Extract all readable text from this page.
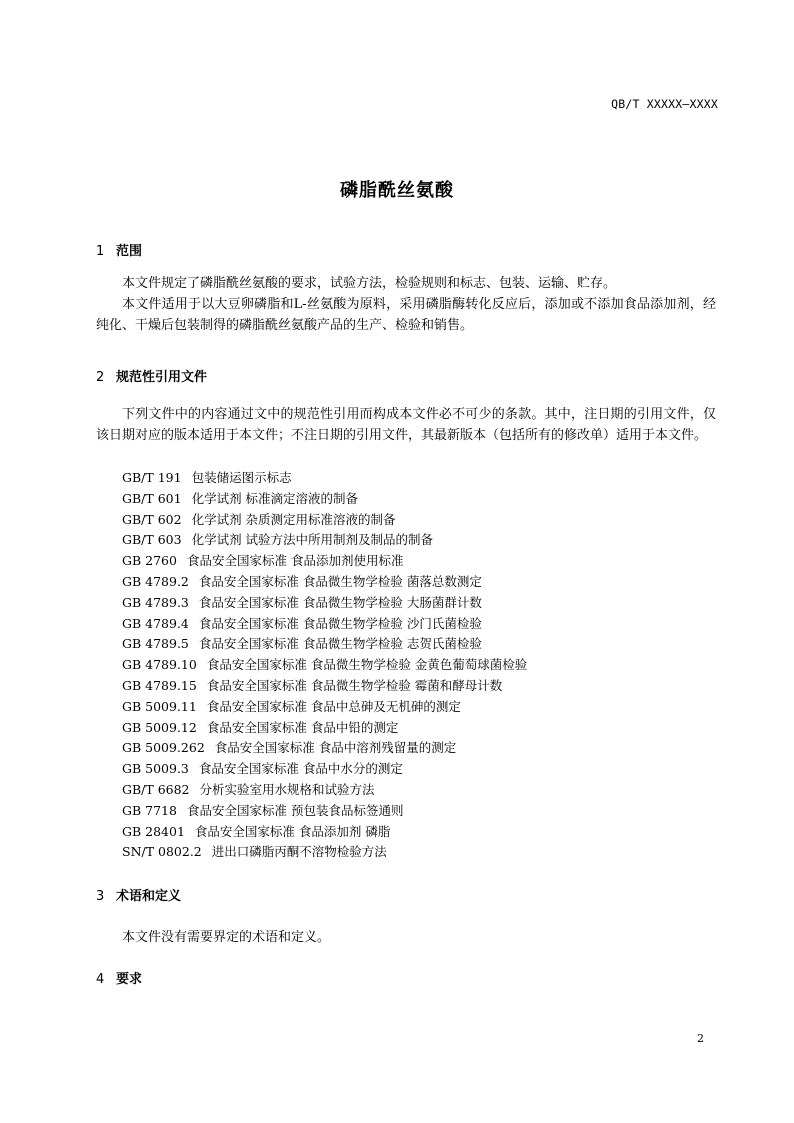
QB/T XXXXX—XXXX
磷脂酰丝氨酸
1 范围
本文件规定了磷脂酰丝氨酸的要求，试验方法，检验规则和标志、包装、运输、贮存。
本文件适用于以大豆卵磷脂和L-丝氨酸为原料，采用磷脂酶转化反应后，添加或不添加食品添加剂，经纯化、干燥后包装制得的磷脂酰丝氨酸产品的生产、检验和销售。
2 规范性引用文件
下列文件中的内容通过文中的规范性引用而构成本文件必不可少的条款。其中，注日期的引用文件，仅该日期对应的版本适用于本文件；不注日期的引用文件，其最新版本（包括所有的修改单）适用于本文件。
GB/T 191 包装储运图示标志
GB/T 601 化学试剂 标准滴定溶液的制备
GB/T 602 化学试剂 杂质测定用标准溶液的制备
GB/T 603 化学试剂 试验方法中所用制剂及制品的制备
GB 2760 食品安全国家标准 食品添加剂使用标准
GB 4789.2 食品安全国家标准 食品微生物学检验 菌落总数测定
GB 4789.3 食品安全国家标准 食品微生物学检验 大肠菌群计数
GB 4789.4 食品安全国家标准 食品微生物学检验 沙门氏菌检验
GB 4789.5 食品安全国家标准 食品微生物学检验 志贺氏菌检验
GB 4789.10 食品安全国家标准 食品微生物学检验 金黄色葡萄球菌检验
GB 4789.15 食品安全国家标准 食品微生物学检验 霉菌和酵母计数
GB 5009.11 食品安全国家标准 食品中总砷及无机砷的测定
GB 5009.12 食品安全国家标准 食品中铅的测定
GB 5009.262 食品安全国家标准 食品中溶剂残留量的测定
GB 5009.3 食品安全国家标准 食品中水分的测定
GB/T 6682 分析实验室用水规格和试验方法
GB 7718 食品安全国家标准 预包装食品标签通则
GB 28401 食品安全国家标准 食品添加剂 磷脂
SN/T 0802.2 进出口磷脂丙酮不溶物检验方法
3 术语和定义
本文件没有需要界定的术语和定义。
4 要求
2
